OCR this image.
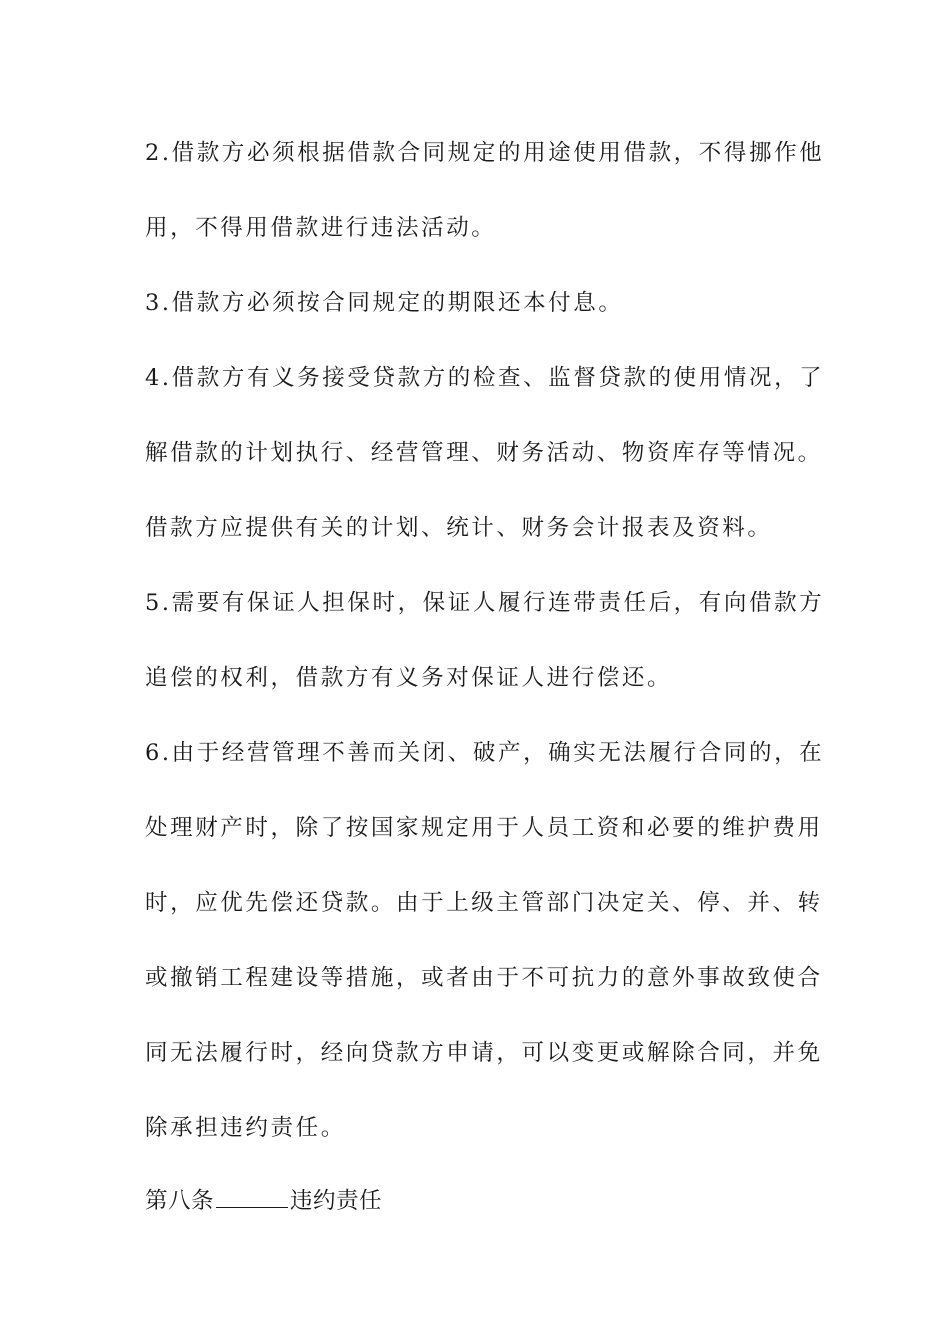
2.借款方必须根据借款合同规定的用途使用借款，不得挪作他
用，不得用借款进行违法活动。
3.借款方必须按合同规定的期限还本付息。
4.借款方有义务接受贷款方的检查、监督贷款的使用情况，了
解借款的计划执行、经营管理、财务活动、物资库存等情况。
借款方应提供有关的计划、统计、财务会计报表及资料。
5.需要有保证人担保时，保证人履行连带责任后，有向借款方
追偿的权利，借款方有义务对保证人进行偿还。
6.由于经营管理不善而关闭、破产，确实无法履行合同的，在
处理财产时，除了按国家规定用于人员工资和必要的维护费用
时，应优先偿还贷款。由于上级主管部门决定关、停、并、转
或撤销工程建设等措施，或者由于不可抗力的意外事故致使合
同无法履行时，经向贷款方申请，可以变更或解除合同，并免
除承担违约责任。
第八条	违约责任
